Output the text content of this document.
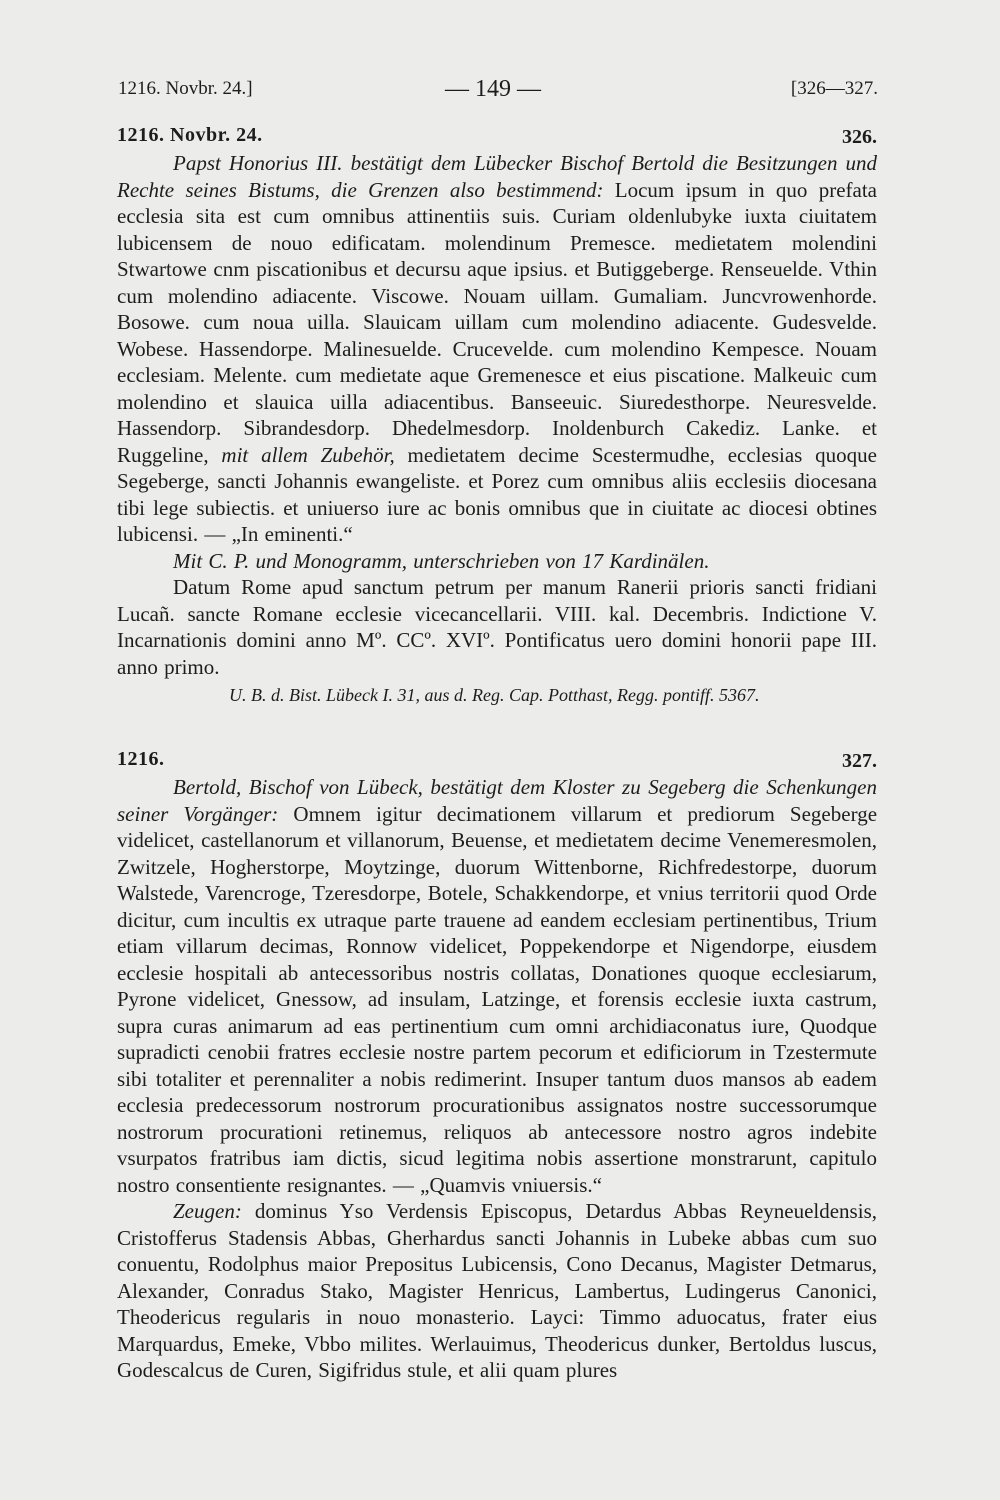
1216. Novbr. 24.]	— 149 —	[326—327.
1216. Novbr. 24.	326.

Papst Honorius III. bestätigt dem Lübecker Bischof Bertold die Besitzungen und Rechte seines Bistums, die Grenzen also bestimmend: Locum ipsum in quo prefata ecclesia sita est cum omnibus attinentiis suis. Curiam oldenlubyke iuxta ciuitatem lubicensem de nouo edificatam. molendinum Premesce. medietatem molendini Stwartowe cnm piscationibus et decursu aque ipsius. et Butiggeberge. Renseuelde. Vthin cum molendino adiacente. Viscowe. Nouam uillam. Gumaliam. Juncvrowenhorde. Bosowe. cum noua uilla. Slauicam uillam cum molendino adiacente. Gudesvelde. Wobese. Hassendorpe. Malinesuelde. Crucevelde. cum molendino Kempesce. Nouam ecclesiam. Melente. cum medietate aque Gremenesce et eius piscatione. Malkeuic cum molendino et slauica uilla adiacentibus. Banseeuic. Siuredesthorpe. Neuresvelde. Hassendorp. Sibrandesdorp. Dhedelmesdorp. Inoldenburch Cakediz. Lanke. et Ruggeline, mit allem Zubehör, medietatem decime Scestermudhe, ecclesias quoque Segeberge, sancti Johannis ewangeliste. et Porez cum omnibus aliis ecclesiis diocesana tibi lege subiectis. et uniuerso iure ac bonis omnibus que in ciuitate ac diocesi obtines lubicensi. — „In eminenti.“

Mit C. P. und Monogramm, unterschrieben von 17 Kardinälen.

Datum Rome apud sanctum petrum per manum Ranerii prioris sancti fridiani Lucañ. sancte Romane ecclesie vicecancellarii. VIII. kal. Decembris. Indictione V. Incarnationis domini anno Mº. CCº. XVIº. Pontificatus uero domini honorii pape III. anno primo.

U. B. d. Bist. Lübeck I. 31, aus d. Reg. Cap. Potthast, Regg. pontiff. 5367.

1216.	327.

Bertold, Bischof von Lübeck, bestätigt dem Kloster zu Segeberg die Schenkungen seiner Vorgänger: Omnem igitur decimationem villarum et prediorum Segeberge videlicet, castellanorum et villanorum, Beuense, et medietatem decime Venemeresmolen, Zwitzele, Hogherstorpe, Moytzinge, duorum Wittenborne, Richfredestorpe, duorum Walstede, Varencroge, Tzeresdorpe, Botele, Schakkendorpe, et vnius territorii quod Orde dicitur, cum incultis ex utraque parte trauene ad eandem ecclesiam pertinentibus, Trium etiam villarum decimas, Ronnow videlicet, Poppekendorpe et Nigendorpe, eiusdem ecclesie hospitali ab antecessoribus nostris collatas, Donationes quoque ecclesiarum, Pyrone videlicet, Gnessow, ad insulam, Latzinge, et forensis ecclesie iuxta castrum, supra curas animarum ad eas pertinentium cum omni archidiaconatus iure, Quodque supradicti cenobii fratres ecclesie nostre partem pecorum et edificiorum in Tzestermute sibi totaliter et perennaliter a nobis redimerint. Insuper tantum duos mansos ab eadem ecclesia predecessorum nostrorum procurationibus assignatos nostre successorumque nostrorum procurationi retinemus, reliquos ab antecessore nostro agros indebite vsurpatos fratribus iam dictis, sicud legitima nobis assertione monstrarunt, capitulo nostro consentiente resignantes. — „Quamvis vniuersis.“

Zeugen: dominus Yso Verdensis Episcopus, Detardus Abbas Reyneueldensis, Cristofferus Stadensis Abbas, Gherhardus sancti Johannis in Lubeke abbas cum suo conuentu, Rodolphus maior Prepositus Lubicensis, Cono Decanus, Magister Detmarus, Alexander, Conradus Stako, Magister Henricus, Lambertus, Ludingerus Canonici, Theodericus regularis in nouo monasterio. Layci: Timmo aduocatus, frater eius Marquardus, Emeke, Vbbo milites. Werlauimus, Theodericus dunker, Bertoldus luscus, Godescalcus de Curen, Sigifridus stule, et alii quam plures
